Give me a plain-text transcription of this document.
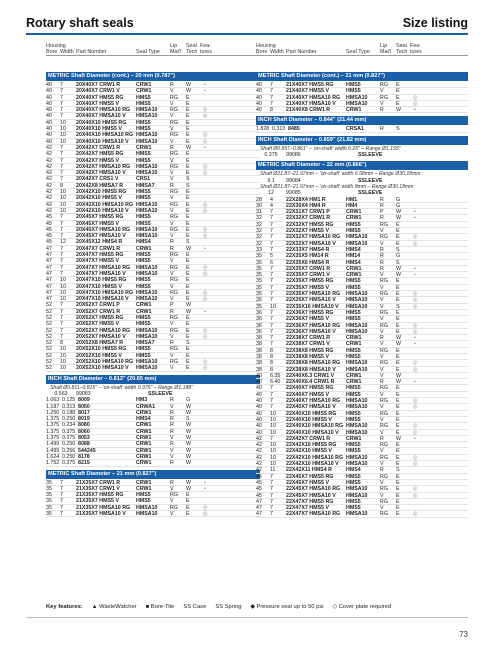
Rotary shaft seals	Size listing
Housing
Bore Width Part Number	Seal Type
Lip
Mat'l
Seal
Tech
Fea-
tures
METRIC Shaft Diameter (cont.) – 20 mm (0.787")
40	7	20X40X7 CRW1 R	CRW1	R	W	▪
40	7	20X40X7 CRW1 V	CRW1	V	W	▪
40	7	20X40X7 HMS5 RG	HMS5	RG	E
40	7	20X40X7 HMS5 V	HMS5	V	E
40	7	20X40X7 HMSA10 RG	HMSA10	RG	E	◎
40	7	20X40X7 HMSA10 V	HMSA10	V	E	◎
40	10	20X40X10 HMS5 RG	HMS5	RG	E
40	10	20X40X10 HMS5 V	HMS5	V	E
40	10	20X40X10 HMSA10 RG HMSA10	RG	E	◎
40	10	20X40X10 HMSA10 V	HMSA10	V	E	◎
42	7	20X42X7 CRW1 R	CRW1	R	W	▪
42	7	20X42X7 HMS5 RG	HMS5	RG	E
42	7	20X42X7 HMS5 V	HMS5	V	E
42	7	20X42X7 HMSA10 RG	HMSA10	RG	E	◎
42	7	20X42X7 HMSA10 V	HMSA10	V	E	◎
42	7	20X42X7 CRS1 V	CRS1	V	S
42	8	20X42X8 HMSA7 R	HMSA7	R	S
42	10	20X42X10 HMS5 RG	HMS5	RG	E
42	10	20X42X10 HMS5 V	HMS5	V	E
42	10	20X42X10 HMSA10 RG HMSA10	RG	E	◎
42	10	20X42X10 HMSA10 V	HMSA10	V	E	◎
45	7	20X45X7 HMS5 RG	HMS5	RG	E
45	7	20X45X7 HMS5 V	HMS5	V	E
45	7	20X45X7 HMSA10 RG	HMSA10	RG	E	◎
45	7	20X45X7 HMSA10 V	HMSA10	V	E	◎
45	12	20X45X12 HMS4 R	HMS4	R	S
47	7	20X47X7 CRW1 R	CRW1	R	W	▪
47	7	20X47X7 HMS5 RG	HMS5	RG	E
47	7	20X47X7 HMS5 V	HMS5	V	E
47	7	20X47X7 HMSA10 RG	HMSA10	RG	E	◎
47	7	20X47X7 HMSA10 V	HMSA10	V	E	◎
47	10	20X47X10 HMS5 RG	HMS5	RG	E
47	10	20X47X10 HMS5 V	HMS5	V	E
47	10	20X47X10 HMSA10 RG HMSA10	RG	E	◎
47	10	20X47X10 HMSA10 V	HMSA10	V	E	◎
52	7	20X52X7 CRW1 P	CRW1	P	W
52	7	20X52X7 CRW1 R	CRW1	R	W	▪
52	7	20X52X7 HMS5 RG	HMS5	RG	E
52	7	20X52X7 HMS5 V	HMS5	V	E
52	7	20X52X7 HMSA10 RG	HMSA10	RG	E	◎
52	7	20X52X7 HMSA10 V	HMSA10	V	E	◎
52	8	20X52X8 HMSA7 R	HMSA7	R	S
52	10	20X52X10 HMS5 RG	HMS5	RG	E
52	10	20X52X10 HMS5 V	HMS5	V	E
52	10	20X52X10 HMSA10 RG HMSA10	RG	E	◎
52	10	20X52X10 HMSA10 V	HMSA10	V	E	◎
INCH Shaft Diameter – 0.813" (20.65 mm)
Shaft Ø0.811–0.815" – 'on-shaft' width 0.375" – Range Ø1.188"
0.563	99083	SSLEEVE
1.063 0.125 8009	HM3	R	G
1.187 0.313 8050	CRWA1	V	W
1.250 0.188 8017	CRW1	R	W
1.375 0.250 8019	HMS4	R	S
1.375 0.234 8080	CRW1	R	W
1.375 0.375 8060	CRW1	R	W
1.375 0.375 8053	CRW1	V	W
1.499 0.250 8088	CRW1	R	W
1.499 0.256 544245	CRW1	V	W
1.624 0.250 8178	CRW1	V	W
1.752 0.375 8215	CRW1	R	W
METRIC Shaft Diameter – 21 mm (0.827")
35	7	21X35X7 CRW1 R	CRW1	R	W	▪
35	7	21X35X7 CRW1 V	CRW1	V	W	▪
35	7	21X35X7 HMS5 RG	HMS5	RG	E
35	7	21X35X7 HMS5 V	HMS5	V	E
35	7	21X35X7 HMSA10 RG	HMSA10	RG	E	◎
35	7	21X35X7 HMSA10 V	HMSA10	V	E	◎
Housing
Bore Width Part Number	Seal Type
Lip
Mat'l
Seal
Tech
Fea-
tures
METRIC Shaft Diameter (cont.) – 21 mm (0.827")
40	7	21X40X7 HMS5 RG	HMS5	RG	E
40	7	21X40X7 HMS5 V	HMS5	V	E
40	7	21X40X7 HMSA10 RG	HMSA10	RG	E	◎
40	7	21X40X7 HMSA10 V	HMSA10	V	E	◎
40	8	21X40X8 CRW1 R	CRW1	R	W	▪
INCH Shaft Diameter – 0.844" (21.44 mm)
1.828 0.313 8485	CRSA1	R	S
INCH Shaft Diameter – 0.859" (21.82 mm)
Shaft Ø0.857–0.861" – 'on-shaft' width 0.25" – Range Ø1.155"
0.375	99086	SSLEEVE
METRIC Shaft Diameter – 22 mm (0.866")
Shaft Ø21.87–21.97mm – 'on-shaft' width 6.58mm – Range Ø30.18mm
9.1	99084	SSLEEVE
Shaft Ø21.87–21.97mm – 'on-shaft' width 8mm – Range Ø30.18mm
12	99085	SSLEEVE
28	4	22X28X4 HM1 R	HM1	R	G
30	4	22X30X4 HM4 R	HM4	R	G
31	7	22X31X7 CRW1 P	CRW1	P	W	▪
32	7	22X32X7 CRW1 R	CRW1	R	W	▪
32	7	22X32X7 HMS5 RG	HMS5	RG	E
32	7	22X32X7 HMS5 V	HMS5	V	E
32	7	22X32X7 HMSA10 RG	HMSA10	RG	E	◎
32	7	22X32X7 HMSA10 V	HMSA10	V	E	◎
33	7	22X33X7 HMS4 R	HMS4	R	S
35	5	22X35X5 HM14 R	HM14	R	G
35	6	22X35X6 HMS4 R	HMS4	R	S
35	7	22X35X7 CRW1 R	CRW1	R	W	▪
35	7	22X35X7 CRW1 V	CRW1	V	W	▪
35	7	22X35X7 HMS5 RG	HMS5	RG	E
35	7	22X35X7 HMS5 V	HMS5	V	E
35	7	22X35X7 HMSA10 RG	HMSA10	RG	E	◎
35	7	22X35X7 HMSA10 V	HMSA10	V	E	◎
35	10	22X35X10 HMSA10 V	HMSA10	V	S	◎
36	7	22X36X7 HMS5 RG	HMS5	RG	E
36	7	22X36X7 HMS5 V	HMS5	V	E
36	7	22X36X7 HMSA10 RG	HMSA10	RG	E	◎
36	7	22X36X7 HMSA10 V	HMSA10	V	E	◎
38	7	22X38X7 CRW1 R	CRW1	R	W	▪
38	7	22X38X7 CRW1 V	CRW1	V	W	▪
38	8	22X38X8 HMS5 RG	HMS5	RG	E
38	8	22X38X8 HMS5 V	HMS5	V	E
38	8	22X38X8 HMSA10 RG	HMSA10	RG	E	◎
38	8	22X38X8 HMSA10 V	HMSA10	V	E	◎
40	6.35	22X40X6.3 CRW1 V	CRW1	V	W
40	6.40	22X40X6.4 CRW1 R	CRW1	R	W	▪
40	7	22X40X7 HMS5 RG	HMS5	RG	E
40	7	22X40X7 HMS5 V	HMS5	V	E
40	7	22X40X7 HMSA10 RG	HMSA10	RG	E	◎
40	7	22X40X7 HMSA10 V	HMSA10	V	E	◎
40	10	22X40X10 HMS5 RG	HMS5	RG	E
40	10	22X40X10 HMS5 V	HMS5	V	E
40	10	22X40X10 HMSA10 RG HMSA10	RG	E	◎
40	10	22X40X10 HMSA10 V	HMSA10	V	E	◎
42	7	22X42X7 CRW1 R	CRW1	R	W	▪
42	10	22X42X10 HMS5 RG	HMS5	RG	E
42	10	22X42X10 HMS5 V	HMS5	V	E
42	10	22X42X10 HMSA10 RG HMSA10	RG	E	◎
42	10	22X42X10 HMSA10 V	HMSA10	V	E	◎
42	11	22X42X11 HMS4 R	HMS4	R	S
45	7	22X45X7 HMS5 RG	HMS5	RG	E
45	7	22X45X7 HMS5 V	HMS5	V	E
45	7	22X45X7 HMSA10 RG	HMSA10	RG	E	◎
45	7	22X45X7 HMSA10 V	HMSA10	V	E	◎
47	7	22X47X7 HMS5 RG	HMS5	RG	E
47	7	22X47X7 HMS5 V	HMS5	V	E
47	7	22X47X7 HMSA10 RG	HMSA10	RG	E	◎
Key features: ▲ WasteWatcher ■ Bore-Tite SS Case SS Spring ◆ Pressure seal up to 50 psi ◇ Cover plate required
73
